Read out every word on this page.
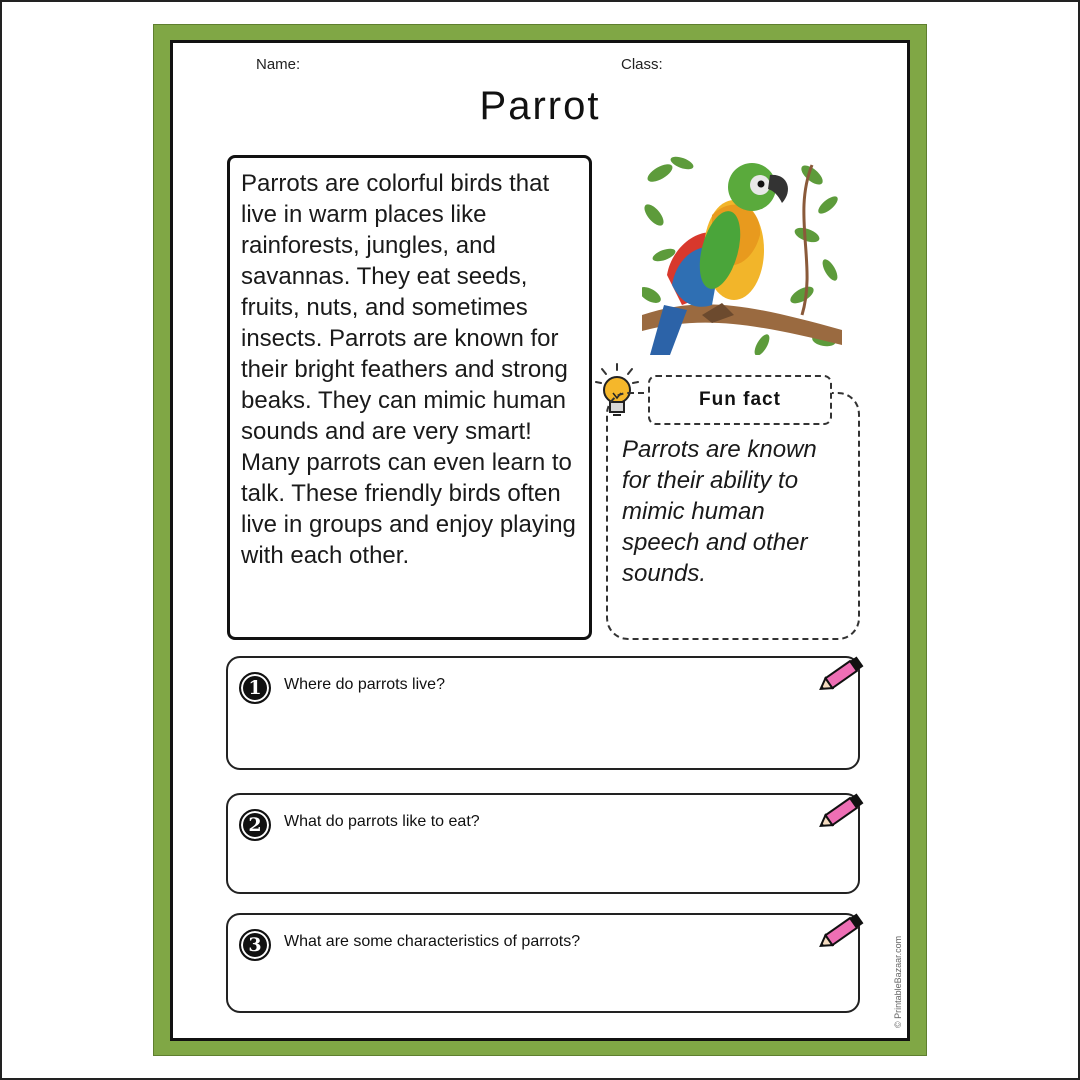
Name:	Class:
Parrot

Parrots are colorful birds that live in warm places like rainforests, jungles, and savannas. They eat seeds, fruits, nuts, and sometimes insects. Parrots are known for their bright feathers and strong beaks. They can mimic human sounds and are very smart! Many parrots can even learn to talk. These friendly birds often live in groups and enjoy playing with each other.

Parrots are known for their ability to mimic human speech and other sounds.

Fun fact
1	Where do parrots live?
2	What do parrots like to eat?
3	What are some characteristics of parrots?	© PrintableBazaar.com
